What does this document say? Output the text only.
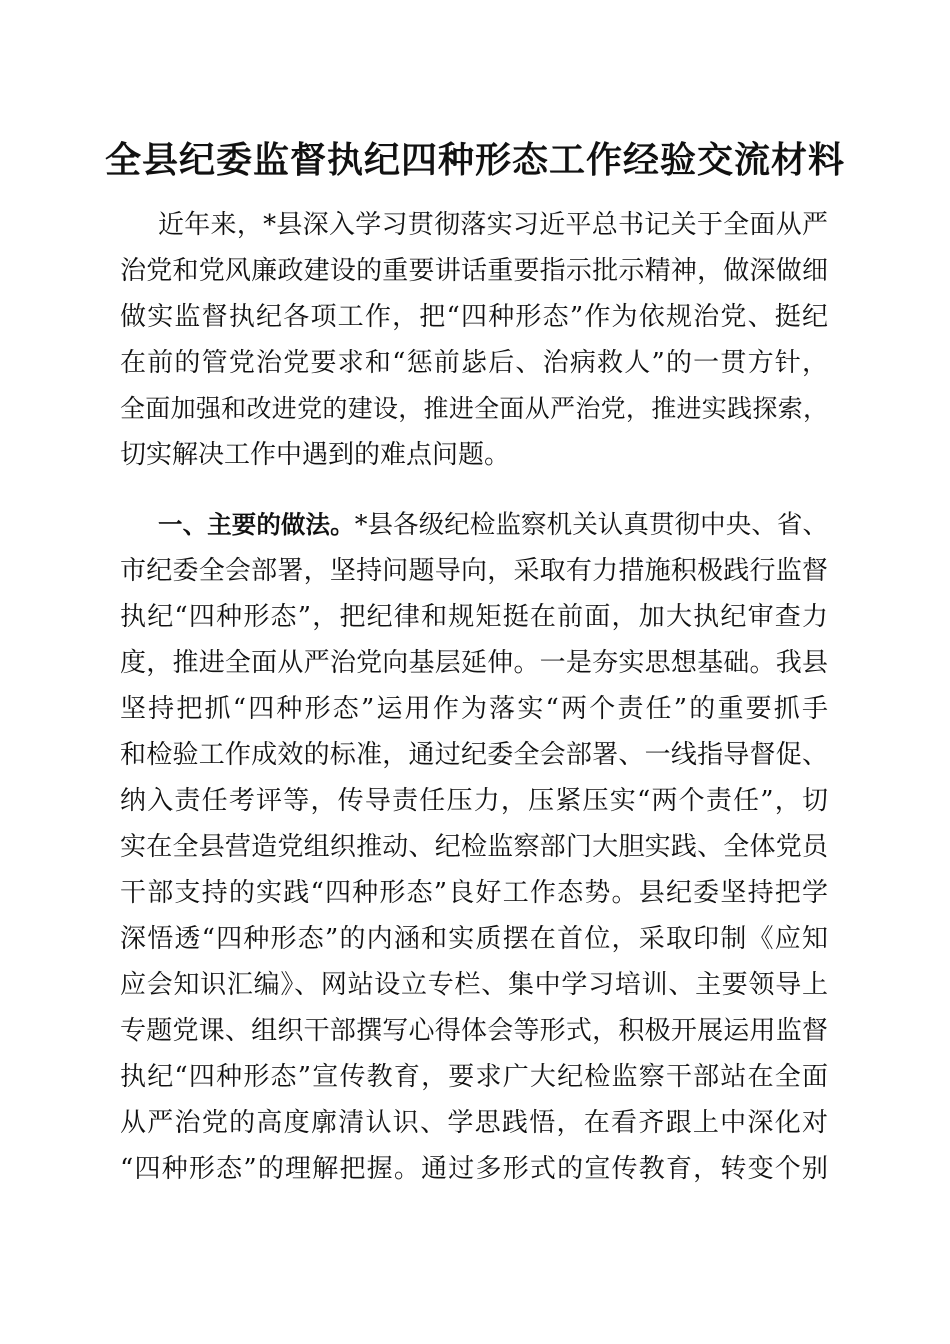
全县纪委监督执纪四种形态工作经验交流材料
近年来，*县深入学习贯彻落实习近平总书记关于全面从严
治党和党风廉政建设的重要讲话重要指示批示精神，做深做细
做实监督执纪各项工作，把“四种形态”作为依规治党、挺纪
在前的管党治党要求和“惩前毖后、治病救人”的一贯方针，
全面加强和改进党的建设，推进全面从严治党，推进实践探索，
切实解决工作中遇到的难点问题。
一、主要的做法。*县各级纪检监察机关认真贯彻中央、省、
市纪委全会部署，坚持问题导向，采取有力措施积极践行监督
执纪“四种形态”，把纪律和规矩挺在前面，加大执纪审查力
度，推进全面从严治党向基层延伸。一是夯实思想基础。我县
坚持把抓“四种形态”运用作为落实“两个责任”的重要抓手
和检验工作成效的标准，通过纪委全会部署、一线指导督促、
纳入责任考评等，传导责任压力，压紧压实“两个责任”，切
实在全县营造党组织推动、纪检监察部门大胆实践、全体党员
干部支持的实践“四种形态”良好工作态势。县纪委坚持把学
深悟透“四种形态”的内涵和实质摆在首位，采取印制《应知
应会知识汇编》、网站设立专栏、集中学习培训、主要领导上
专题党课、组织干部撰写心得体会等形式，积极开展运用监督
执纪“四种形态”宣传教育，要求广大纪检监察干部站在全面
从严治党的高度廓清认识、学思践悟，在看齐跟上中深化对
“四种形态”的理解把握。通过多形式的宣传教育，转变个别
